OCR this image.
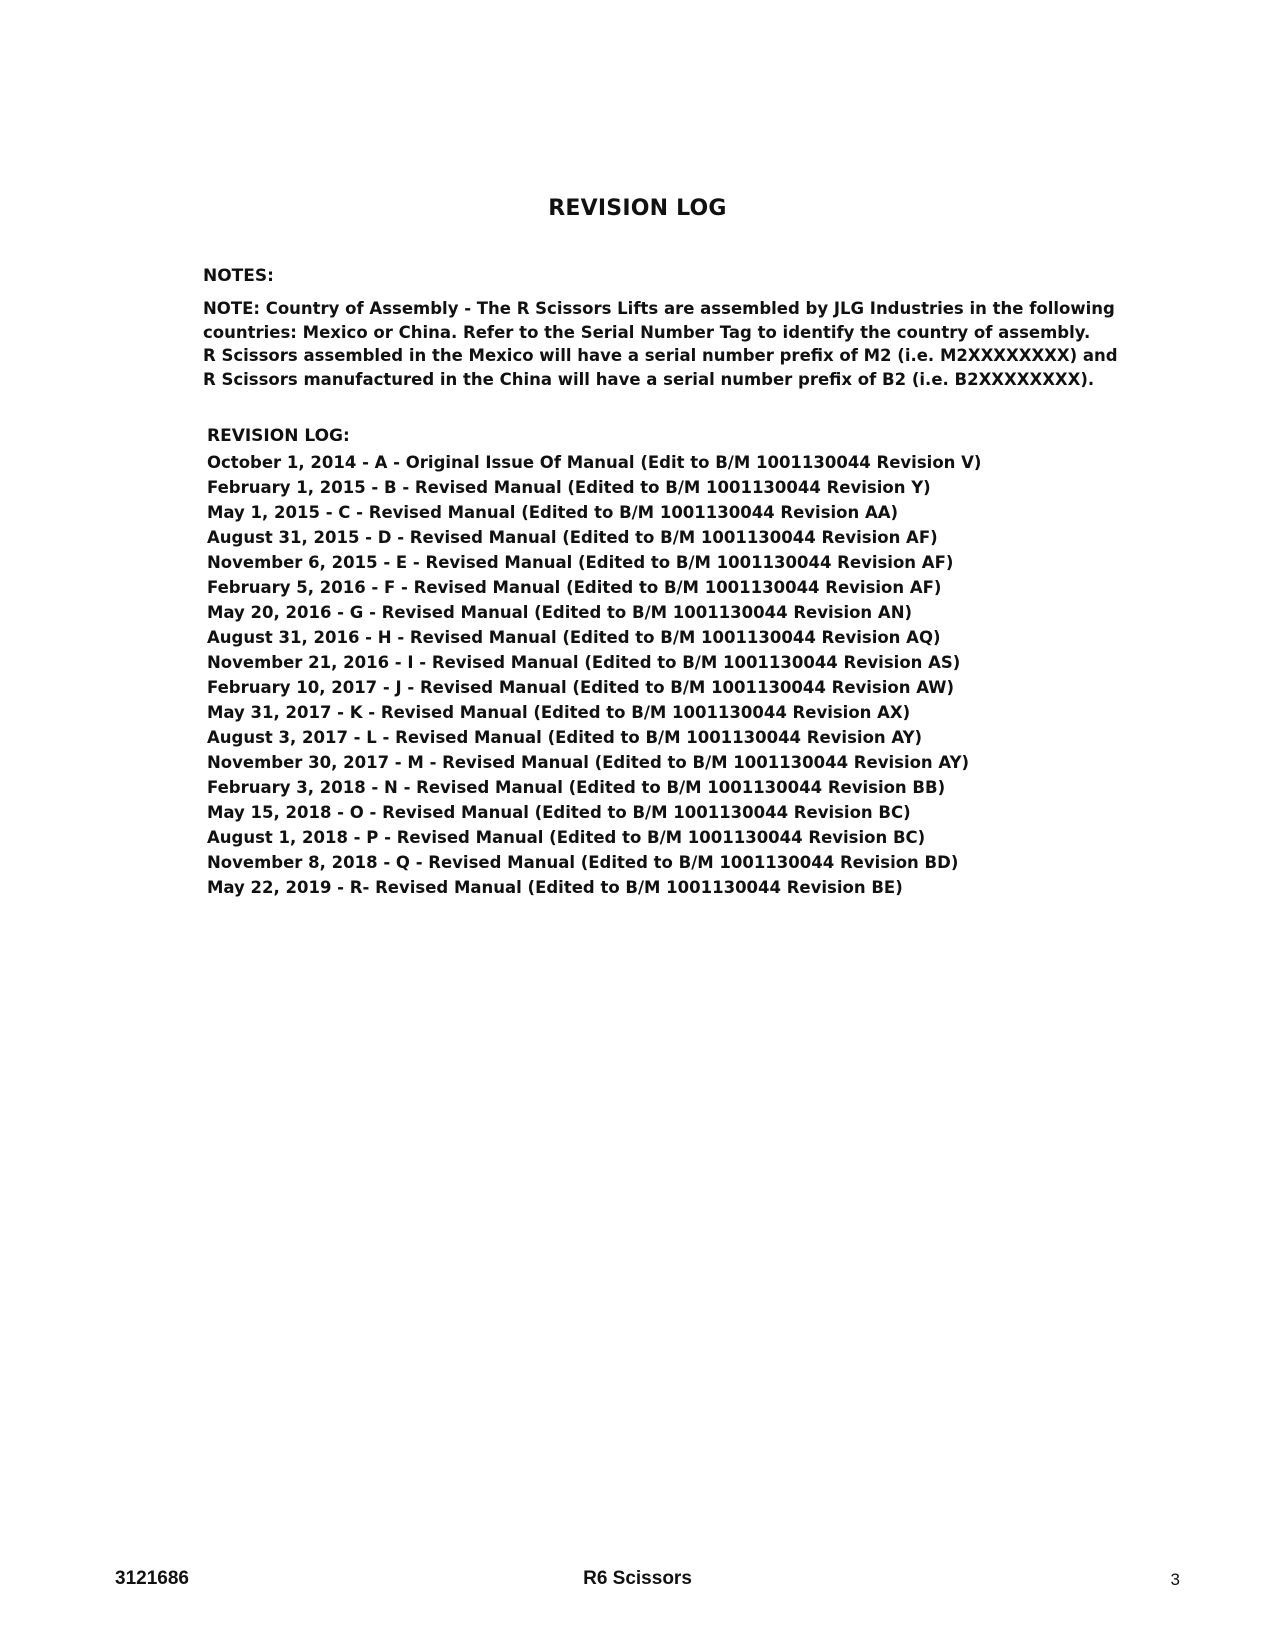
REVISION LOG
NOTES:
NOTE: Country of Assembly - The R Scissors Lifts are assembled by JLG Industries in the following
countries: Mexico or China. Refer to the Serial Number Tag to identify the country of assembly.
R Scissors assembled in the Mexico will have a serial number prefix of M2 (i.e. M2XXXXXXXX) and
R Scissors manufactured in the China will have a serial number prefix of B2 (i.e. B2XXXXXXXX).
REVISION LOG:
October 1, 2014 - A - Original Issue Of Manual (Edit to B/M 1001130044 Revision V)
February 1, 2015 - B - Revised Manual (Edited to B/M 1001130044 Revision Y)
May 1, 2015 - C - Revised Manual (Edited to B/M 1001130044 Revision AA)
August 31, 2015 - D - Revised Manual (Edited to B/M 1001130044 Revision AF)
November 6, 2015 - E - Revised Manual (Edited to B/M 1001130044 Revision AF)
February 5, 2016 - F - Revised Manual (Edited to B/M 1001130044 Revision AF)
May 20, 2016 - G - Revised Manual (Edited to B/M 1001130044 Revision AN)
August 31, 2016 - H - Revised Manual (Edited to B/M 1001130044 Revision AQ)
November 21, 2016 - I - Revised Manual (Edited to B/M 1001130044 Revision AS)
February 10, 2017 - J - Revised Manual (Edited to B/M 1001130044 Revision AW)
May 31, 2017 - K - Revised Manual (Edited to B/M 1001130044 Revision AX)
August 3, 2017 - L - Revised Manual (Edited to B/M 1001130044 Revision AY)
November 30, 2017 - M - Revised Manual (Edited to B/M 1001130044 Revision AY)
February 3, 2018 - N - Revised Manual (Edited to B/M 1001130044 Revision BB)
May 15, 2018 - O - Revised Manual (Edited to B/M 1001130044 Revision BC)
August 1, 2018 - P - Revised Manual (Edited to B/M 1001130044 Revision BC)
November 8, 2018 - Q - Revised Manual (Edited to B/M 1001130044 Revision BD)
May 22, 2019 - R- Revised Manual (Edited to B/M 1001130044 Revision BE)
3121686	R6 Scissors	3
